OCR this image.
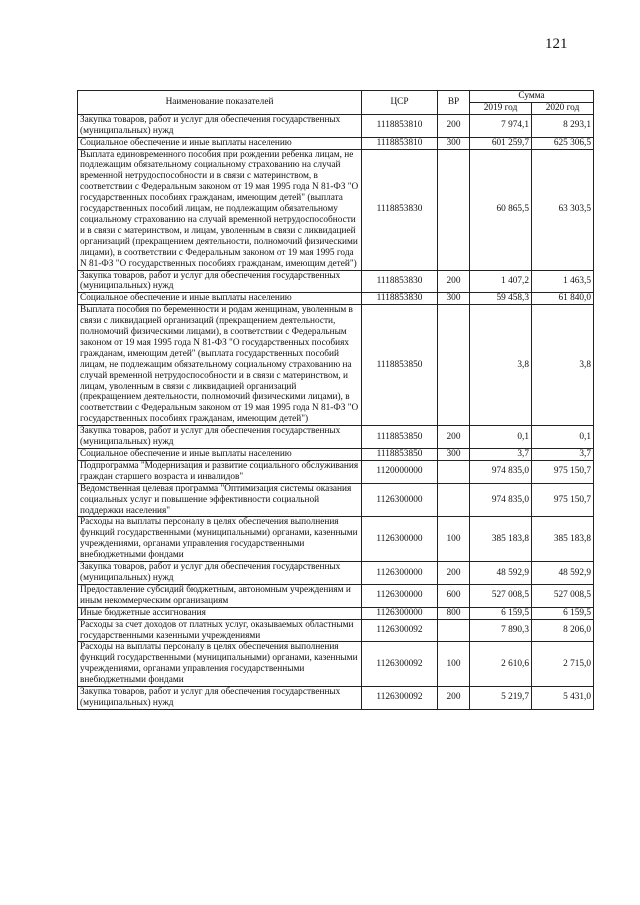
121
Наименование показателей	ЦСР	ВР	Сумма	
			2019 год	2020 год
Закупка товаров, работ и услуг для обеспечения государственных (муниципальных) нужд	1118853810	200	7 974,1	8 293,1
Социальное обеспечение и иные выплаты населению	1118853810	300	601 259,7	625 306,5
Выплата единовременного пособия при рождении ребенка лицам, не подлежащим обязательному социальному страхованию на случай временной нетрудоспособности и в связи с материнством, в соответствии с Федеральным законом от 19 мая 1995 года N 81-ФЗ "О государственных пособиях гражданам, имеющим детей" (выплата государственных пособий лицам, не подлежащим обязательному социальному страхованию на случай временной нетрудоспособности и в связи с материнством, и лицам, уволенным в связи с ликвидацией организаций (прекращением деятельности, полномочий физическими лицами), в соответствии с Федеральным законом от 19 мая 1995 года N 81-ФЗ "О государственных пособиях гражданам, имеющим детей")	1118853830		60 865,5	63 303,5
Закупка товаров, работ и услуг для обеспечения государственных (муниципальных) нужд	1118853830	200	1 407,2	1 463,5
Социальное обеспечение и иные выплаты населению	1118853830	300	59 458,3	61 840,0
Выплата пособия по беременности и родам женщинам, уволенным в связи с ликвидацией организаций (прекращением деятельности, полномочий физическими лицами), в соответствии с Федеральным законом от 19 мая 1995 года N 81-ФЗ "О государственных пособиях гражданам, имеющим детей" (выплата государственных пособий лицам, не подлежащим обязательному социальному страхованию на случай временной нетрудоспособности и в связи с материнством, и лицам, уволенным в связи с ликвидацией организаций (прекращением деятельности, полномочий физическими лицами), в соответствии с Федеральным законом от 19 мая 1995 года N 81-ФЗ "О государственных пособиях гражданам, имеющим детей")	1118853850		3,8	3,8
Закупка товаров, работ и услуг для обеспечения государственных (муниципальных) нужд	1118853850	200	0,1	0,1
Социальное обеспечение и иные выплаты населению	1118853850	300	3,7	3,7
Подпрограмма "Модернизация и развитие социального обслуживания граждан старшего возраста и инвалидов"	1120000000		974 835,0	975 150,7
Ведомственная целевая программа "Оптимизация системы оказания социальных услуг и повышение эффективности социальной поддержки населения"	1126300000		974 835,0	975 150,7
Расходы на выплаты персоналу в целях обеспечения выполнения функций государственными (муниципальными) органами, казенными учреждениями, органами управления государственными внебюджетными фондами	1126300000	100	385 183,8	385 183,8
Закупка товаров, работ и услуг для обеспечения государственных (муниципальных) нужд	1126300000	200	48 592,9	48 592,9
Предоставление субсидий бюджетным, автономным учреждениям и иным некоммерческим организациям	1126300000	600	527 008,5	527 008,5
Иные бюджетные ассигнования	1126300000	800	6 159,5	6 159,5
Расходы за счет доходов от платных услуг, оказываемых областными государственными казенными учреждениями	1126300092		7 890,3	8 206,0
Расходы на выплаты персоналу в целях обеспечения выполнения функций государственными (муниципальными) органами, казенными учреждениями, органами управления государственными внебюджетными фондами	1126300092	100	2 610,6	2 715,0
Закупка товаров, работ и услуг для обеспечения государственных (муниципальных) нужд	1126300092	200	5 219,7	5 431,0
